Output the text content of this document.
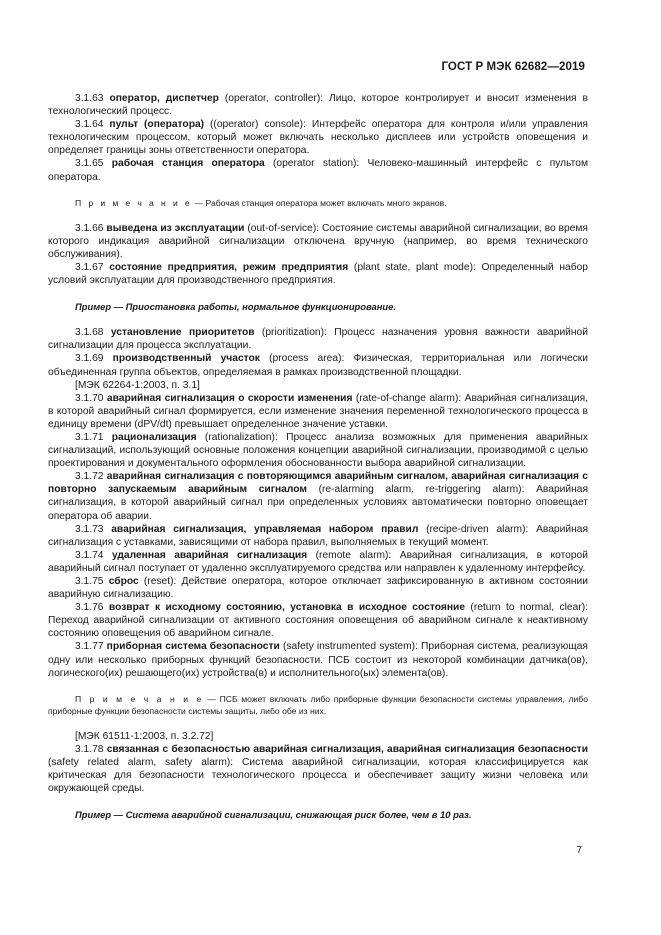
ГОСТ Р МЭК 62682—2019

3.1.63 оператор, диспетчер (operator, controller): Лицо, которое контролирует и вносит изменения в технологический процесс.

3.1.64 пульт (оператора) ((operator) console): Интерфейс оператора для контроля и/или управления технологическим процессом, который может включать несколько дисплеев или устройств оповещения и определяет границы зоны ответственности оператора.

3.1.65 рабочая станция оператора (operator station): Человеко-машинный интерфейс с пультом оператора.

П р и м е ч а н и е — Рабочая станция оператора может включать много экранов.

3.1.66 выведена из эксплуатации (out-of-service): Состояние системы аварийной сигнализации, во время которого индикация аварийной сигнализации отключена вручную (например, во время технического обслуживания).

3.1.67 состояние предприятия, режим предприятия (plant state, plant mode): Определенный набор условий эксплуатации для производственного предприятия.

Пример — Приостановка работы, нормальное функционирование.

3.1.68 установление приоритетов (prioritization): Процесс назначения уровня важности аварийной сигнализации для процесса эксплуатации.

3.1.69 производственный участок (process area): Физическая, территориальная или логически объединенная группа объектов, определяемая в рамках производственной площадки.

[МЭК 62264-1:2003, п. 3.1]

3.1.70 аварийная сигнализация о скорости изменения (rate-of-change alarm): Аварийная сигнализация, в которой аварийный сигнал формируется, если изменение значения переменной технологического процесса в единицу времени (dPV/dt) превышает определенное значение уставки.

3.1.71 рационализация (rationalization): Процесс анализа возможных для применения аварийных сигнализаций, использующий основные положения концепции аварийной сигнализации, производимой с целью проектирования и документального оформления обоснованности выбора аварийной сигнализации.

3.1.72 аварийная сигнализация с повторяющимся аварийным сигналом, аварийная сигнализация с повторно запускаемым аварийным сигналом (re-alarming alarm, re-triggering alarm): Аварийная сигнализация, в которой аварийный сигнал при определенных условиях автоматически повторно оповещает оператора об аварии.

3.1.73 аварийная сигнализация, управляемая набором правил (recipe-driven alarm): Аварийная сигнализация с уставками, зависящими от набора правил, выполняемых в текущий момент.

3.1.74 удаленная аварийная сигнализация (remote alarm): Аварийная сигнализация, в которой аварийный сигнал поступает от удаленно эксплуатируемого средства или направлен к удаленному интерфейсу.

3.1.75 сброс (reset): Действие оператора, которое отключает зафиксированную в активном состоянии аварийную сигнализацию.

3.1.76 возврат к исходному состоянию, установка в исходное состояние (return to normal, clear): Переход аварийной сигнализации от активного состояния оповещения об аварийном сигнале к неактивному состоянию оповещения об аварийном сигнале.

3.1.77 приборная система безопасности (safety instrumented system): Приборная система, реализующая одну или несколько приборных функций безопасности. ПСБ состоит из некоторой комбинации датчика(ов), логического(их) решающего(их) устройства(в) и исполнительного(ых) элемента(ов).

П р и м е ч а н и е — ПСБ может включать либо приборные функции безопасности системы управления, либо приборные функции безопасности системы защиты, либо обе из них.

[МЭК 61511-1:2003, п. 3.2.72]

3.1.78 связанная с безопасностью аварийная сигнализация, аварийная сигнализация безопасности (safety related alarm, safety alarm): Система аварийной сигнализации, которая классифицируется как критическая для безопасности технологического процесса и обеспечивает защиту жизни человека или окружающей среды.

Пример — Система аварийной сигнализации, снижающая риск более, чем в 10 раз.

7
